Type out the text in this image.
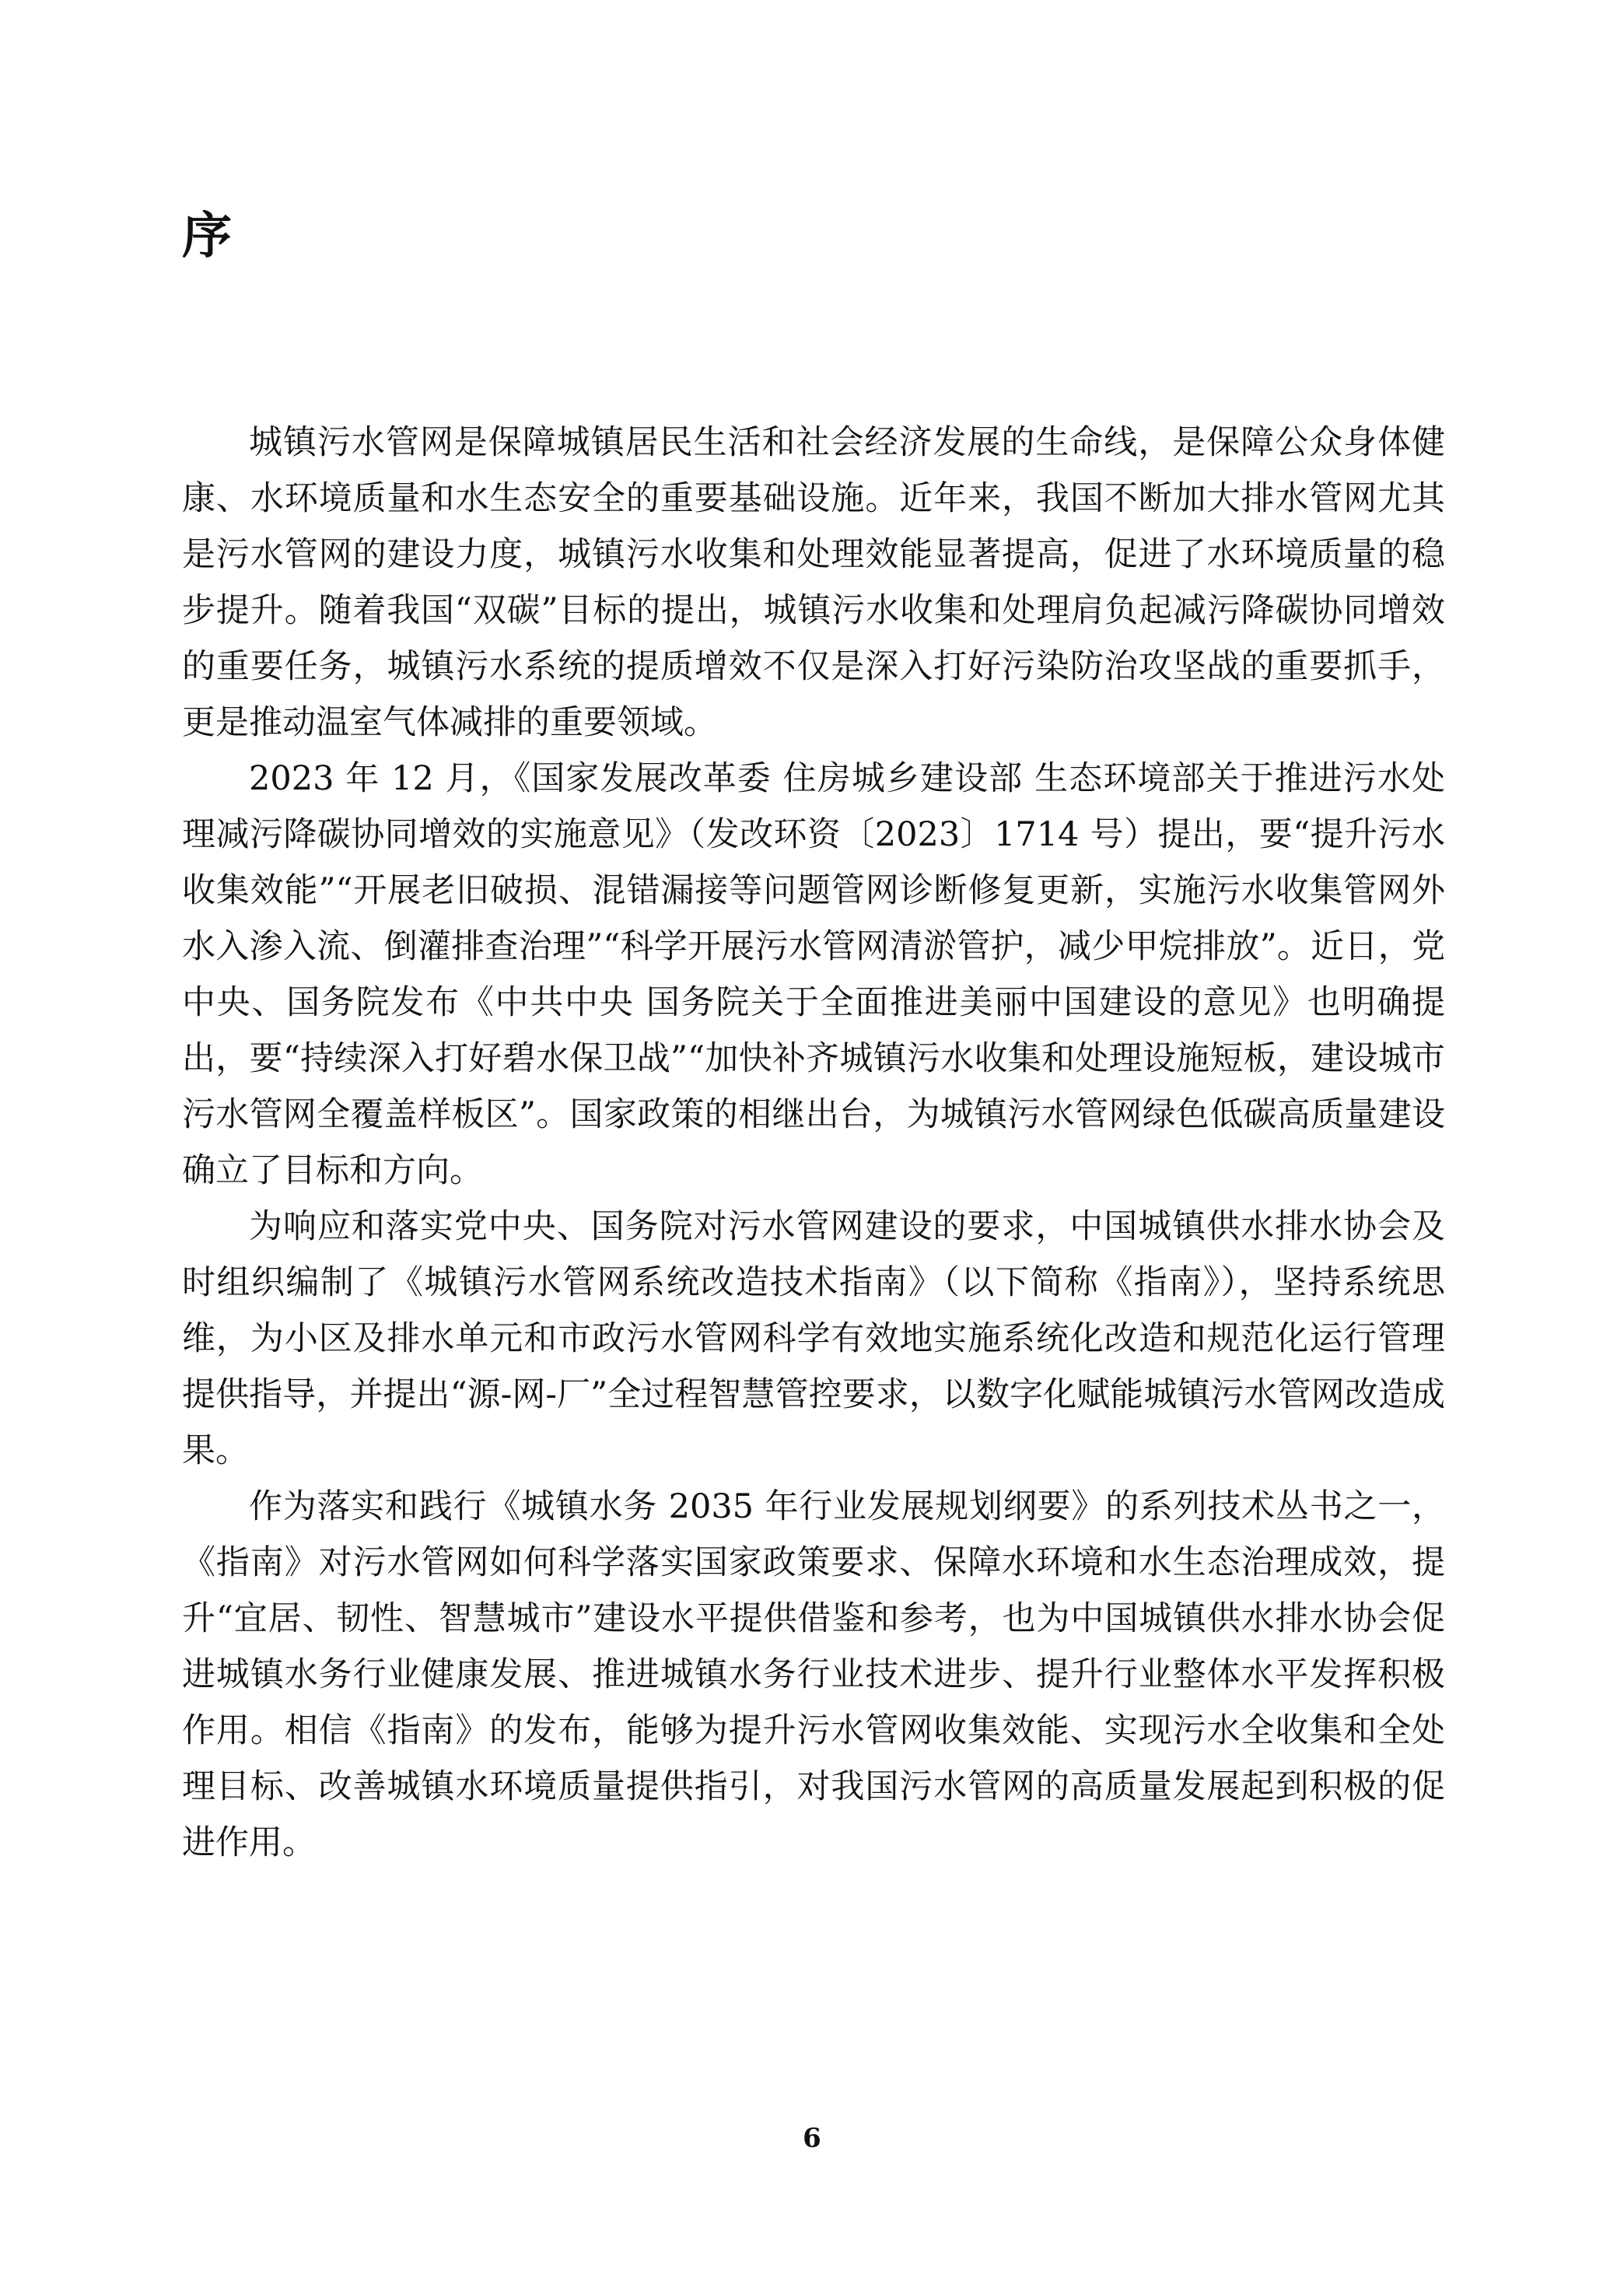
序

城镇污水管网是保障城镇居民生活和社会经济发展的生命线，是保障公众身体健康、水环境质量和水生态安全的重要基础设施。近年来，我国不断加大排水管网尤其是污水管网的建设力度，城镇污水收集和处理效能显著提高，促进了水环境质量的稳步提升。随着我国“双碳”目标的提出，城镇污水收集和处理肩负起减污降碳协同增效的重要任务，城镇污水系统的提质增效不仅是深入打好污染防治攻坚战的重要抓手，更是推动温室气体减排的重要领域。

2023 年 12 月，《国家发展改革委 住房城乡建设部 生态环境部关于推进污水处理减污降碳协同增效的实施意见》（发改环资〔2023〕1714 号）提出，要“提升污水收集效能”“开展老旧破损、混错漏接等问题管网诊断修复更新，实施污水收集管网外水入渗入流、倒灌排查治理”“科学开展污水管网清淤管护，减少甲烷排放”。近日，党中央、国务院发布《中共中央 国务院关于全面推进美丽中国建设的意见》也明确提出，要“持续深入打好碧水保卫战”“加快补齐城镇污水收集和处理设施短板，建设城市污水管网全覆盖样板区”。国家政策的相继出台，为城镇污水管网绿色低碳高质量建设确立了目标和方向。

为响应和落实党中央、国务院对污水管网建设的要求，中国城镇供水排水协会及时组织编制了《城镇污水管网系统改造技术指南》（以下简称《指南》），坚持系统思维，为小区及排水单元和市政污水管网科学有效地实施系统化改造和规范化运行管理提供指导，并提出“源-网-厂”全过程智慧管控要求，以数字化赋能城镇污水管网改造成果。

作为落实和践行《城镇水务 2035 年行业发展规划纲要》的系列技术丛书之一，《指南》对污水管网如何科学落实国家政策要求、保障水环境和水生态治理成效，提升“宜居、韧性、智慧城市”建设水平提供借鉴和参考，也为中国城镇供水排水协会促进城镇水务行业健康发展、推进城镇水务行业技术进步、提升行业整体水平发挥积极作用。相信《指南》的发布，能够为提升污水管网收集效能、实现污水全收集和全处理目标、改善城镇水环境质量提供指引，对我国污水管网的高质量发展起到积极的促进作用。

6
